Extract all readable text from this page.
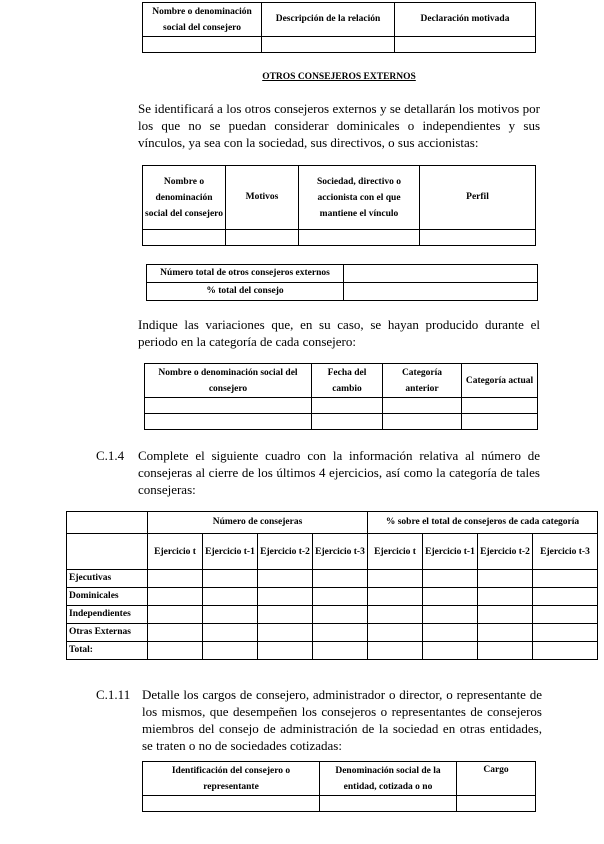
Nombre o denominación social del consejero	Descripción de la relación	Declaración motivada

OTROS CONSEJEROS EXTERNOS

Se identificará a los otros consejeros externos y se detallarán los motivos por los que no se puedan considerar dominicales o independientes y sus vínculos, ya sea con la sociedad, sus directivos, o sus accionistas:

Nombre o denominación social del consejero	Motivos	Sociedad, directivo o accionista con el que mantiene el vínculo	Perfil

Número total de otros consejeros externos	
% total del consejo	

Indique las variaciones que, en su caso, se hayan producido durante el periodo en la categoría de cada consejero:

Nombre o denominación social del consejero	Fecha del cambio	Categoría anterior	Categoría actual

C.1.4 Complete el siguiente cuadro con la información relativa al número de consejeras al cierre de los últimos 4 ejercicios, así como la categoría de tales consejeras:

	Número de consejeras				% sobre el total de consejeros de cada categoría			
	Ejercicio t	Ejercicio t-1	Ejercicio t-2	Ejercicio t-3	Ejercicio t	Ejercicio t-1	Ejercicio t-2	Ejercicio t-3
Ejecutivas								
Dominicales								
Independientes								
Otras Externas								
Total:								
C.1.11 Detalle los cargos de consejero, administrador o director, o representante de los mismos, que desempeñen los consejeros o representantes de consejeros miembros del consejo de administración de la sociedad en otras entidades, se traten o no de sociedades cotizadas:

Identificación del consejero o representante	Denominación social de la entidad, cotizada o no	Cargo
